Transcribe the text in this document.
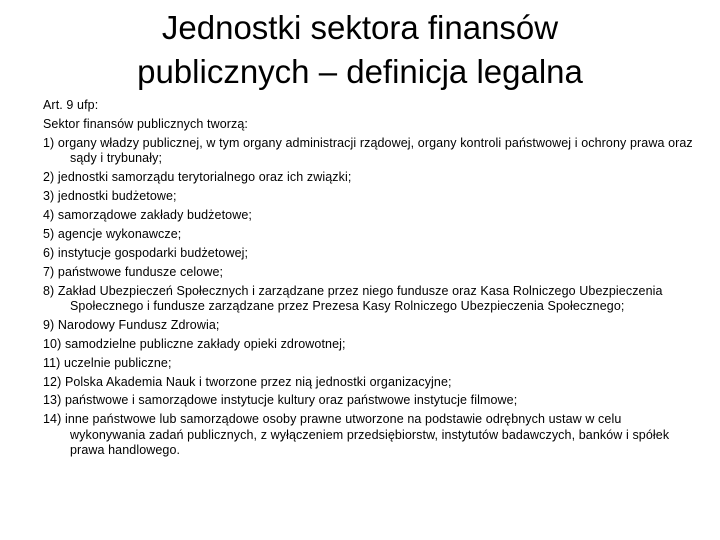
Jednostki sektora finansów
publicznych – definicja legalna
Art. 9 ufp:
Sektor finansów publicznych tworzą:
1) organy władzy publicznej, w tym organy administracji rządowej, organy kontroli państwowej i ochrony prawa oraz sądy i trybunały;
2) jednostki samorządu terytorialnego oraz ich związki;
3) jednostki budżetowe;
4) samorządowe zakłady budżetowe;
5) agencje wykonawcze;
6) instytucje gospodarki budżetowej;
7) państwowe fundusze celowe;
8) Zakład Ubezpieczeń Społecznych i zarządzane przez niego fundusze oraz Kasa Rolniczego Ubezpieczenia Społecznego i fundusze zarządzane przez Prezesa Kasy Rolniczego Ubezpieczenia Społecznego;
9) Narodowy Fundusz Zdrowia;
10) samodzielne publiczne zakłady opieki zdrowotnej;
11) uczelnie publiczne;
12) Polska Akademia Nauk i tworzone przez nią jednostki organizacyjne;
13) państwowe i samorządowe instytucje kultury oraz państwowe instytucje filmowe;
14) inne państwowe lub samorządowe osoby prawne utworzone na podstawie odrębnych ustaw w celu wykonywania zadań publicznych, z wyłączeniem przedsiębiorstw, instytutów badawczych, banków i spółek prawa handlowego.
